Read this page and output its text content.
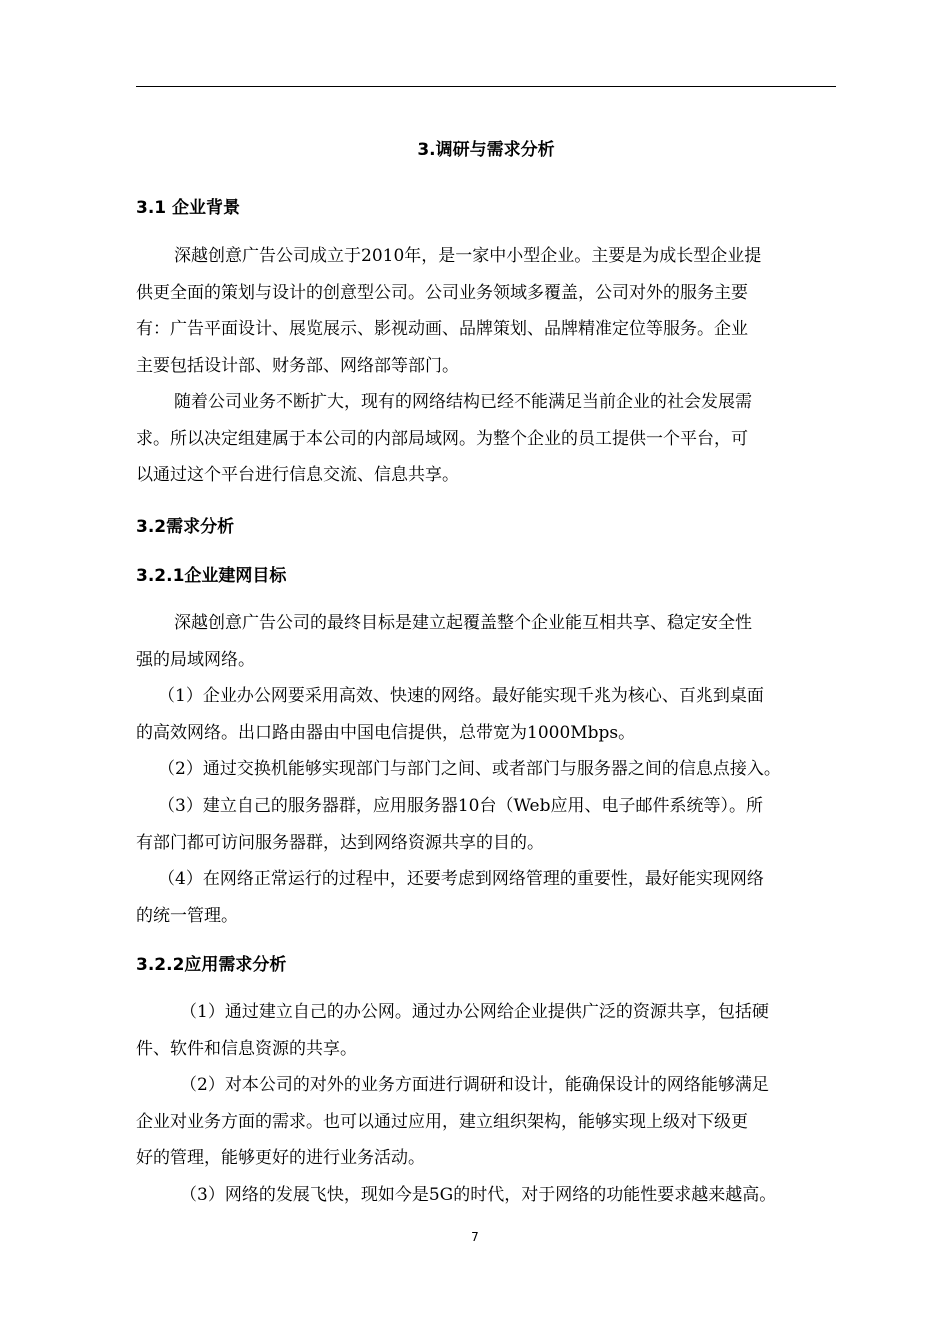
3.调研与需求分析
3.1 企业背景
深越创意广告公司成立于2010年，是一家中小型企业。主要是为成长型企业提
供更全面的策划与设计的创意型公司。公司业务领域多覆盖，公司对外的服务主要
有：广告平面设计、展览展示、影视动画、品牌策划、品牌精准定位等服务。企业
主要包括设计部、财务部、网络部等部门。
随着公司业务不断扩大，现有的网络结构已经不能满足当前企业的社会发展需
求。所以决定组建属于本公司的内部局域网。为整个企业的员工提供一个平台，可
以通过这个平台进行信息交流、信息共享。
3.2需求分析
3.2.1企业建网目标
深越创意广告公司的最终目标是建立起覆盖整个企业能互相共享、稳定安全性
强的局域网络。
（1）企业办公网要采用高效、快速的网络。最好能实现千兆为核心、百兆到桌面
的高效网络。出口路由器由中国电信提供，总带宽为1000Mbps。
（2）通过交换机能够实现部门与部门之间、或者部门与服务器之间的信息点接入。
（3）建立自己的服务器群，应用服务器10台（Web应用、电子邮件系统等）。所
有部门都可访问服务器群，达到网络资源共享的目的。
（4）在网络正常运行的过程中，还要考虑到网络管理的重要性，最好能实现网络
的统一管理。
3.2.2应用需求分析
（1）通过建立自己的办公网。通过办公网给企业提供广泛的资源共享，包括硬
件、软件和信息资源的共享。
（2）对本公司的对外的业务方面进行调研和设计，能确保设计的网络能够满足
企业对业务方面的需求。也可以通过应用，建立组织架构，能够实现上级对下级更
好的管理，能够更好的进行业务活动。
（3）网络的发展飞快，现如今是5G的时代，对于网络的功能性要求越来越高。
7
